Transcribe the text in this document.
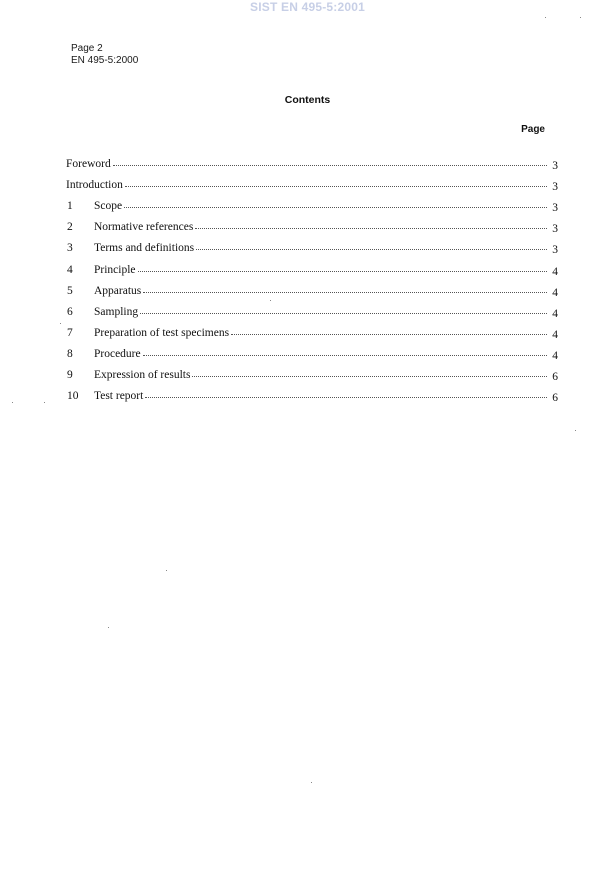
SIST EN 495-5:2001
Page 2
EN 495-5:2000
Contents
Page
Foreword	3
Introduction	3
1	Scope	3
2	Normative references	3
3	Terms and definitions	3
4	Principle	4
5	Apparatus	4
6	Sampling	4
7	Preparation of test specimens	4
8	Procedure	4
9	Expression of results	6
10	Test report	6
